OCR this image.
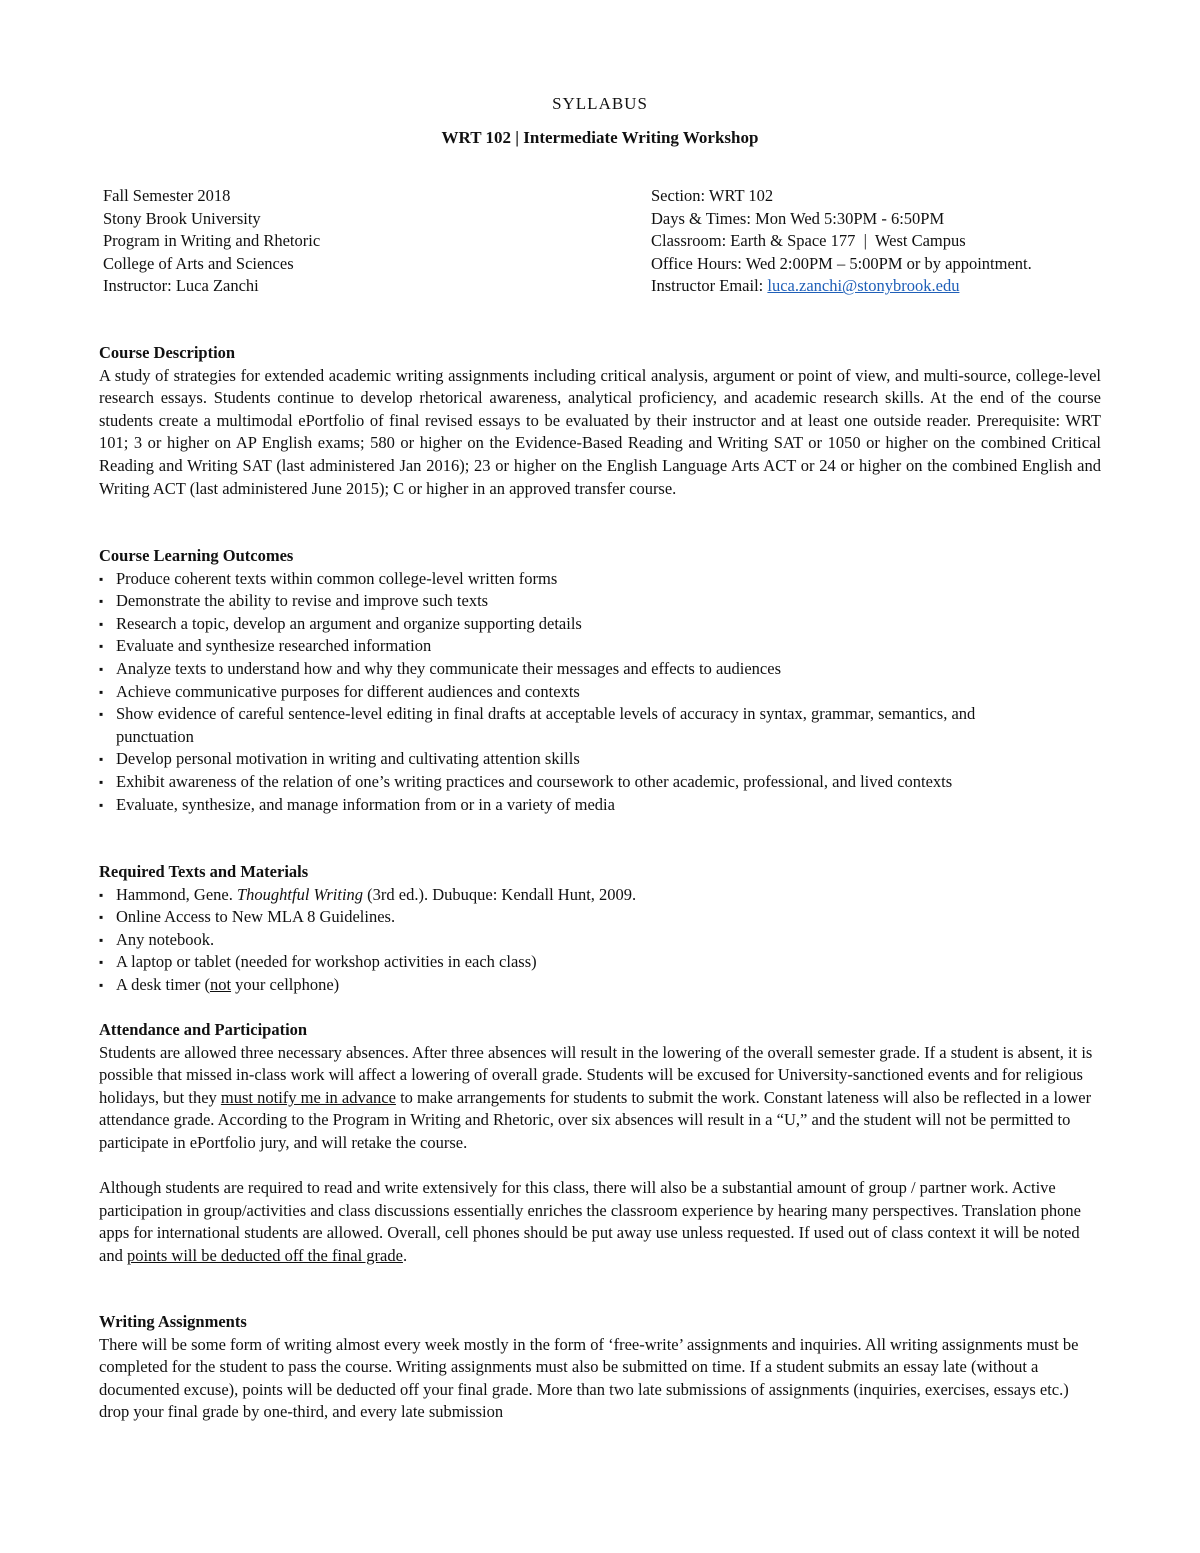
SYLLABUS
WRT 102 | Intermediate Writing Workshop
Fall Semester 2018
Stony Brook University
Program in Writing and Rhetoric
College of Arts and Sciences
Instructor: Luca Zanchi
Section: WRT 102
Days & Times: Mon Wed 5:30PM - 6:50PM
Classroom: Earth & Space 177  |  West Campus
Office Hours: Wed 2:00PM – 5:00PM or by appointment.
Instructor Email: luca.zanchi@stonybrook.edu
Course Description
A study of strategies for extended academic writing assignments including critical analysis, argument or point of view, and multi-source, college-level research essays. Students continue to develop rhetorical awareness, analytical proficiency, and academic research skills. At the end of the course students create a multimodal ePortfolio of final revised essays to be evaluated by their instructor and at least one outside reader. Prerequisite: WRT 101; 3 or higher on AP English exams; 580 or higher on the Evidence-Based Reading and Writing SAT or 1050 or higher on the combined Critical Reading and Writing SAT (last administered Jan 2016); 23 or higher on the English Language Arts ACT or 24 or higher on the combined English and Writing ACT (last administered June 2015); C or higher in an approved transfer course.
Course Learning Outcomes
▪ Produce coherent texts within common college-level written forms
▪ Demonstrate the ability to revise and improve such texts
▪ Research a topic, develop an argument and organize supporting details
▪ Evaluate and synthesize researched information
▪ Analyze texts to understand how and why they communicate their messages and effects to audiences
▪ Achieve communicative purposes for different audiences and contexts
▪ Show evidence of careful sentence-level editing in final drafts at acceptable levels of accuracy in syntax, grammar, semantics, and punctuation
▪ Develop personal motivation in writing and cultivating attention skills
▪ Exhibit awareness of the relation of one’s writing practices and coursework to other academic, professional, and lived contexts
▪ Evaluate, synthesize, and manage information from or in a variety of media
Required Texts and Materials
▪ Hammond, Gene. Thoughtful Writing (3rd ed.). Dubuque: Kendall Hunt, 2009.
▪ Online Access to New MLA 8 Guidelines.
▪ Any notebook.
▪ A laptop or tablet (needed for workshop activities in each class)
▪ A desk timer (not your cellphone)
Attendance and Participation
Students are allowed three necessary absences. After three absences will result in the lowering of the overall semester grade. If a student is absent, it is possible that missed in-class work will affect a lowering of overall grade. Students will be excused for University-sanctioned events and for religious holidays, but they must notify me in advance to make arrangements for students to submit the work. Constant lateness will also be reflected in a lower attendance grade. According to the Program in Writing and Rhetoric, over six absences will result in a “U,” and the student will not be permitted to participate in ePortfolio jury, and will retake the course.
Although students are required to read and write extensively for this class, there will also be a substantial amount of group / partner work. Active participation in group/activities and class discussions essentially enriches the classroom experience by hearing many perspectives. Translation phone apps for international students are allowed. Overall, cell phones should be put away use unless requested. If used out of class context it will be noted and points will be deducted off the final grade.
Writing Assignments
There will be some form of writing almost every week mostly in the form of ‘free-write’ assignments and inquiries. All writing assignments must be completed for the student to pass the course. Writing assignments must also be submitted on time. If a student submits an essay late (without a documented excuse), points will be deducted off your final grade. More than two late submissions of assignments (inquiries, exercises, essays etc.) drop your final grade by one-third, and every late submission
